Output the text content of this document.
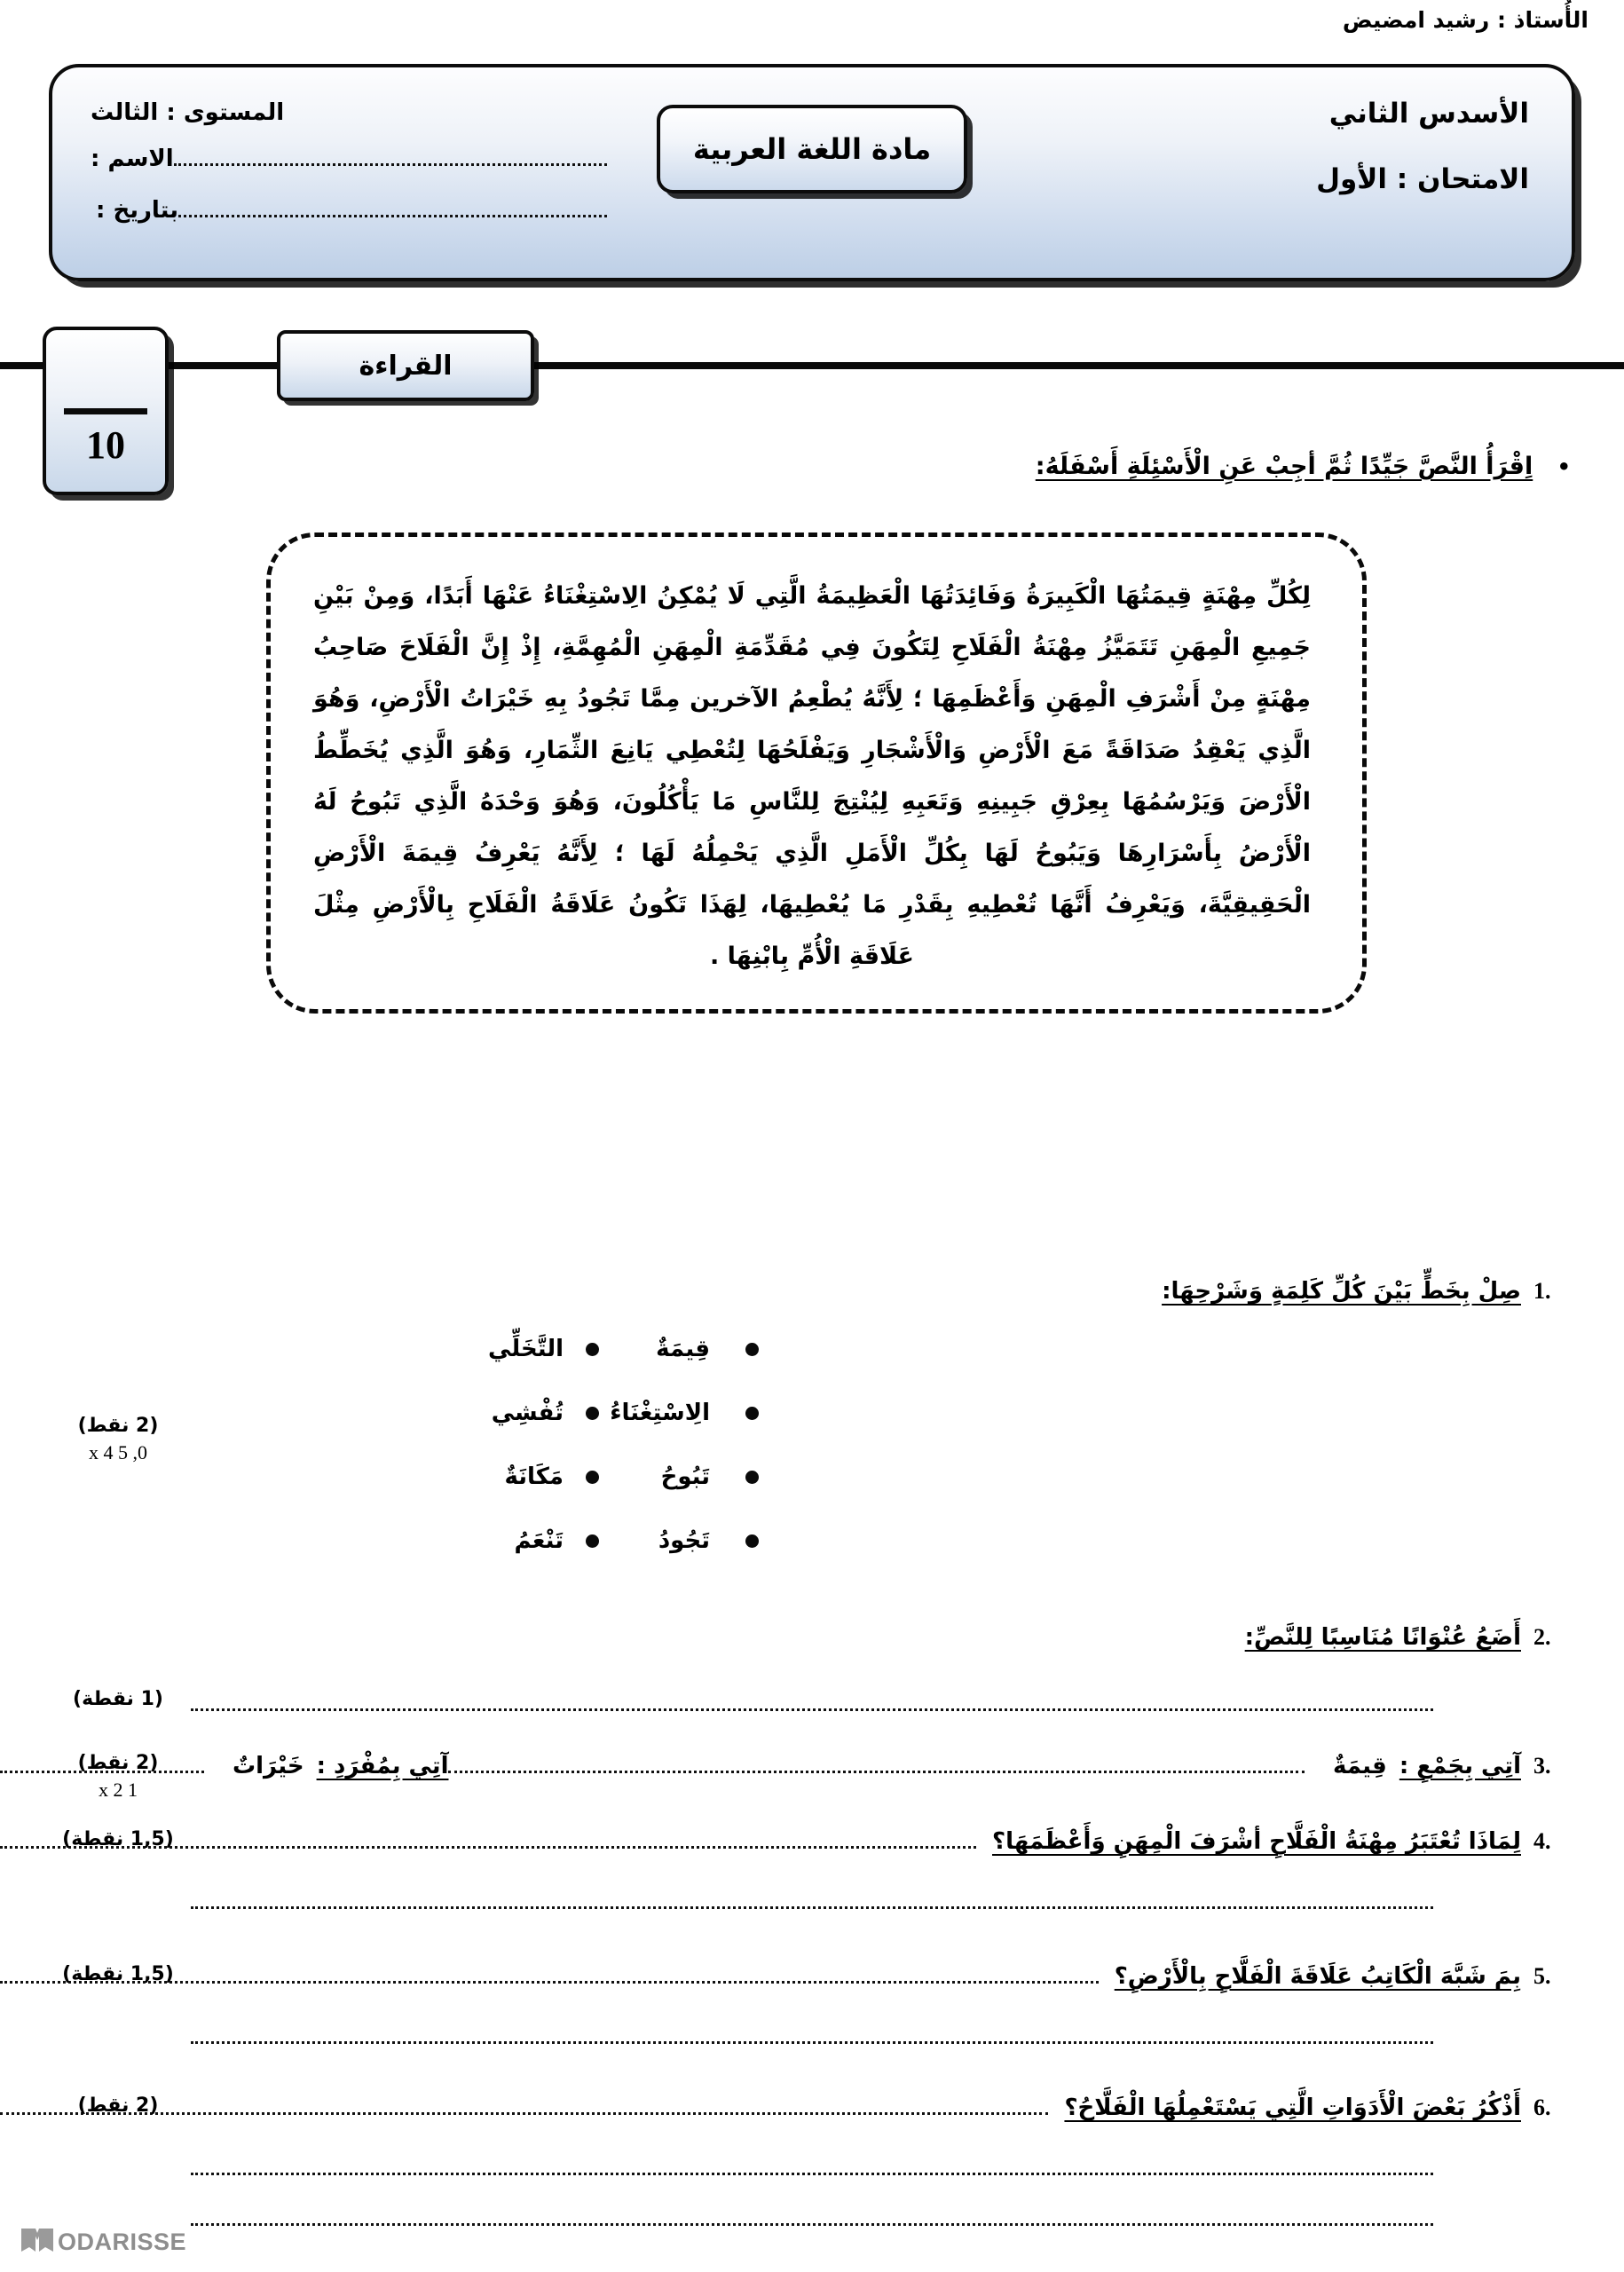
الأُستاذ : رشيد امضيض
الأسدس الثاني
الامتحان : الأول
مادة اللغة العربية
المستوى : الثالث
الاسم :
بتاريخ :
القراءة
10	• اِقْرَأُ النَّصَّ جَيِّدًا ثُمَّ أجِبْ عَنِ الْأَسْئِلَةِ أَسْفَلَهُ:

لِكُلِّ مِهْنَةٍ قِيمَتُهَا الْكَبِيرَةُ وَفَائِدَتُهَا الْعَظِيمَةُ الَّتِي لَا يُمْكِنُ الِاسْتِغْنَاءُ عَنْهَا أَبَدًا، وَمِنْ بَيْنِ جَمِيعِ الْمِهَنِ تَتَمَيَّزُ مِهْنَةُ الْفَلَاحِ لِتَكُونَ فِي مُقَدِّمَةِ الْمِهَنِ الْمُهِمَّةِ، إِذْ إِنَّ الْفَلَاحَ صَاحِبُ مِهْنَةٍ مِنْ أَشْرَفِ الْمِهَنِ وَأَعْظَمِهَا ؛ لِأَنَّهُ يُطْعِمُ الآخرين مِمَّا تَجُودُ بِهِ خَيْرَاتُ الْأَرْضِ، وَهُوَ الَّذِي يَعْقِدُ صَدَاقَةً مَعَ الْأَرْضِ وَالْأَشْجَارِ وَيَفْلَحُهَا لِتُعْطِي يَانِعَ الثِّمَارِ، وَهُوَ الَّذِي يُخَطِّطُ الْأَرْضَ وَيَرْسُمُهَا بِعِرْقِ جَبِينِهِ وَتَعَبِهِ لِيُنْتِجَ لِلنَّاسِ مَا يَأْكُلُونَ، وَهُوَ وَحْدَهُ الَّذِي تَبُوحُ لَهُ الْأَرْضُ بِأَسْرَارِهَا وَيَبُوحُ لَهَا بِكُلِّ الْأَمَلِ الَّذِي يَحْمِلُهُ لَهَا ؛ لِأَنَّهُ يَعْرِفُ قِيمَةَ الْأَرْضِ الْحَقِيقِيَّةَ، وَيَعْرِفُ أَنَّهَا تُعْطِيهِ بِقَدْرِ مَا يُعْطِيهَا، لِهَذَا تَكُونُ عَلَاقَةُ الْفَلَاحِ بِالْأَرْضِ مِثْلَ عَلَاقَةِ الْأُمِّ بِابْنِهَا .

1.
صِلْ بِخَطٍّ بَيْنَ كُلِّ كَلِمَةٍ وَشَرْحِهَا:
(2 نقط)
0, 5 x 4
قِيمَةٌ
الِاسْتِغْنَاءُ
تَبُوحُ
تَجُودُ
التَّخَلِّي
تُفْشِي
مَكَانَةٌ
تَنْعَمُ
2.
أَضَعُ عُنْوَانًا مُنَاسِبًا لِلنَّصِّ:
(1 نقطة)
3.
آتِي بِجَمْعِ :
قِيمَةٌ
آتِي بِمُفْرَدِ :
خَيْرَاتٌ
(2 نقط)
1 x 2
4.
لِمَاذَا تُعْتَبَرُ مِهْنَةُ الْفَلَّاحِ أشْرَفَ الْمِهَنِ وَأَعْظَمَهَا؟
(1,5 نقطة)
5.
بِمَ شَبَّهَ الْكَاتِبُ عَلَاقَةَ الْفَلَّاحِ بِالْأَرْضِ؟
(1,5 نقطة)
6.
أَذْكُرُ بَعْضَ الْأَدَوَاتِ الَّتِي يَسْتَعْمِلُهَا الْفَلَّاحُ؟
(2 نقط)
ODARISSE
